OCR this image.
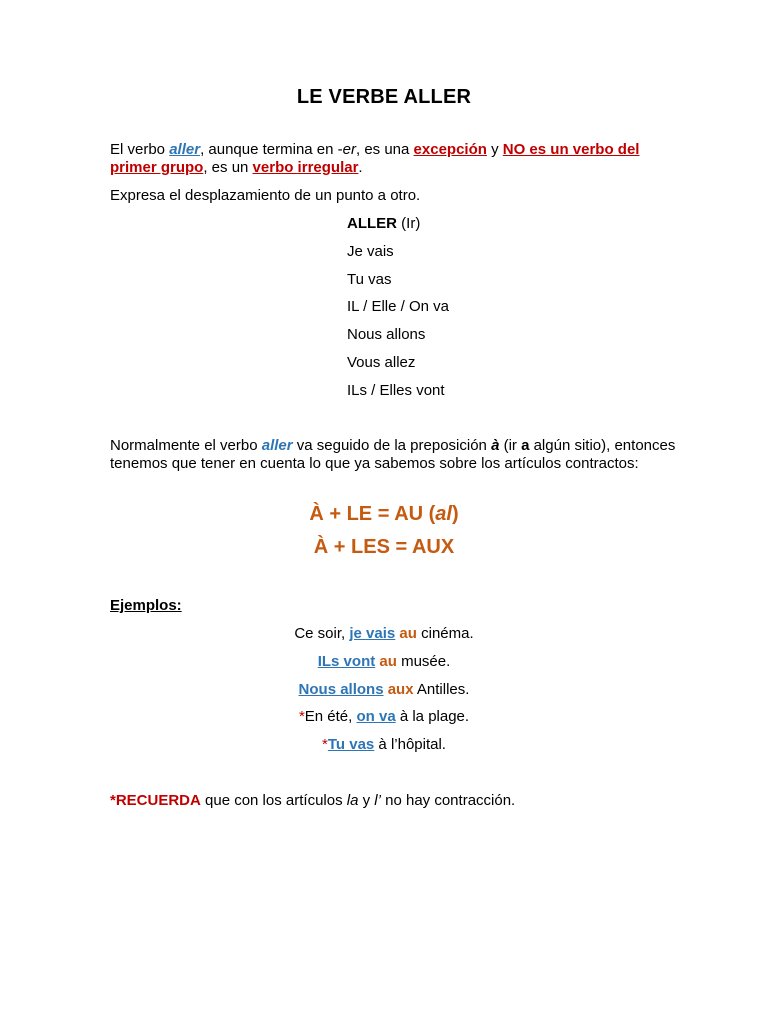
LE VERBE ALLER
El verbo aller, aunque termina en -er, es una excepción y NO es un verbo del primer grupo, es un verbo irregular.
Expresa el desplazamiento de un punto a otro.
ALLER (Ir)
Je vais
Tu vas
IL / Elle / On va
Nous allons
Vous allez
ILs / Elles vont
Normalmente el verbo aller va seguido de la preposición à (ir a algún sitio), entonces tenemos que tener en cuenta lo que ya sabemos sobre los artículos contractos:
À + LE = AU (al)
À + LES = AUX
Ejemplos:
Ce soir, je vais au cinéma.
ILs vont au musée.
Nous allons aux Antilles.
*En été, on va à la plage.
*Tu vas à l’hôpital.
*RECUERDA que con los artículos la y l’ no hay contracción.
